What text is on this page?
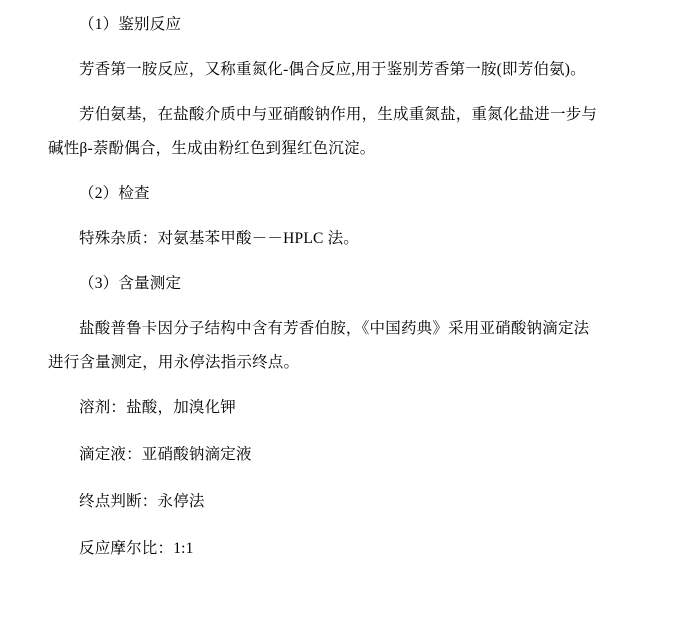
（1）鉴别反应

芳香第一胺反应，又称重氮化-偶合反应,用于鉴别芳香第一胺(即芳伯氨)。

芳伯氨基，在盐酸介质中与亚硝酸钠作用，生成重氮盐，重氮化盐进一步与

碱性β-萘酚偶合，生成由粉红色到猩红色沉淀。

（2）检查

特殊杂质：对氨基苯甲酸－－HPLC 法。

（3）含量测定

盐酸普鲁卡因分子结构中含有芳香伯胺，《中国药典》采用亚硝酸钠滴定法

进行含量测定，用永停法指示终点。

溶剂：盐酸，加溴化钾

滴定液：亚硝酸钠滴定液

终点判断：永停法

反应摩尔比：1:1
